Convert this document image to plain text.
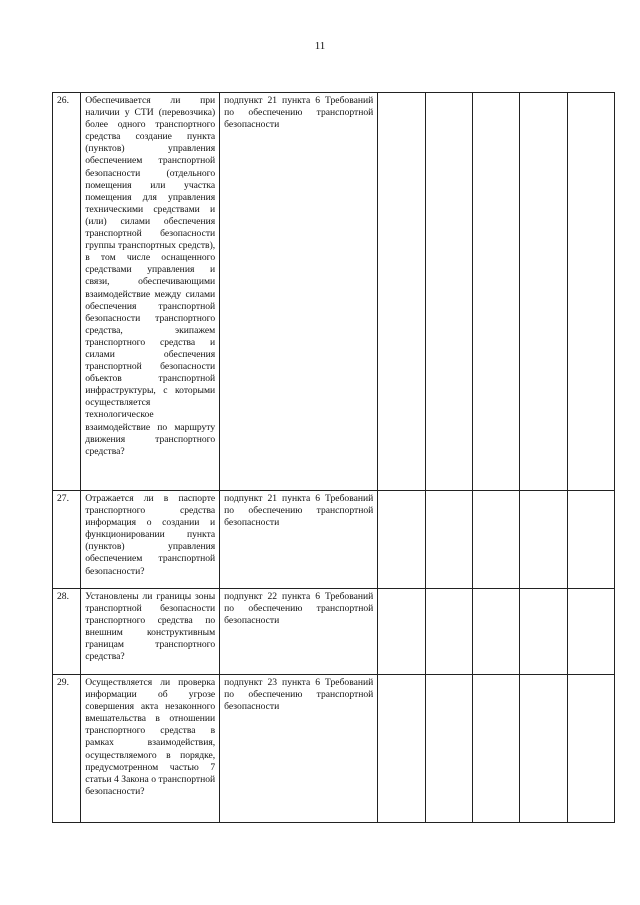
11
26.	Обеспечивается ли при наличии у СТИ (перевозчика) более одного транспортного средства создание пункта (пунктов) управления обеспечением транспортной безопасности (отдельного помещения или участка помещения для управления техническими средствами и (или) силами обеспечения транспортной безопасности группы транспортных средств), в том числе оснащенного средствами управления и связи, обеспечивающими взаимодействие между силами обеспечения транспортной безопасности транспортного средства, экипажем транспортного средства и силами обеспечения транспортной безопасности объектов транспортной инфраструктуры, с которыми осуществляется технологическое взаимодействие по маршруту движения транспортного средства?	подпункт 21 пункта 6 Требований по обеспечению транспортной безопасности					
27.	Отражается ли в паспорте транспортного средства информация о создании и функционировании пункта (пунктов) управления обеспечением транспортной безопасности?	подпункт 21 пункта 6 Требований по обеспечению транспортной безопасности					
28.	Установлены ли границы зоны транспортной безопасности транспортного средства по внешним конструктивным границам транспортного средства?	подпункт 22 пункта 6 Требований по обеспечению транспортной безопасности					
29.	Осуществляется ли проверка информации об угрозе совершения акта незаконного вмешательства в отношении транспортного средства в рамках взаимодействия, осуществляемого в порядке, предусмотренном частью 7 статьи 4 Закона о транспортной безопасности?	подпункт 23 пункта 6 Требований по обеспечению транспортной безопасности					
